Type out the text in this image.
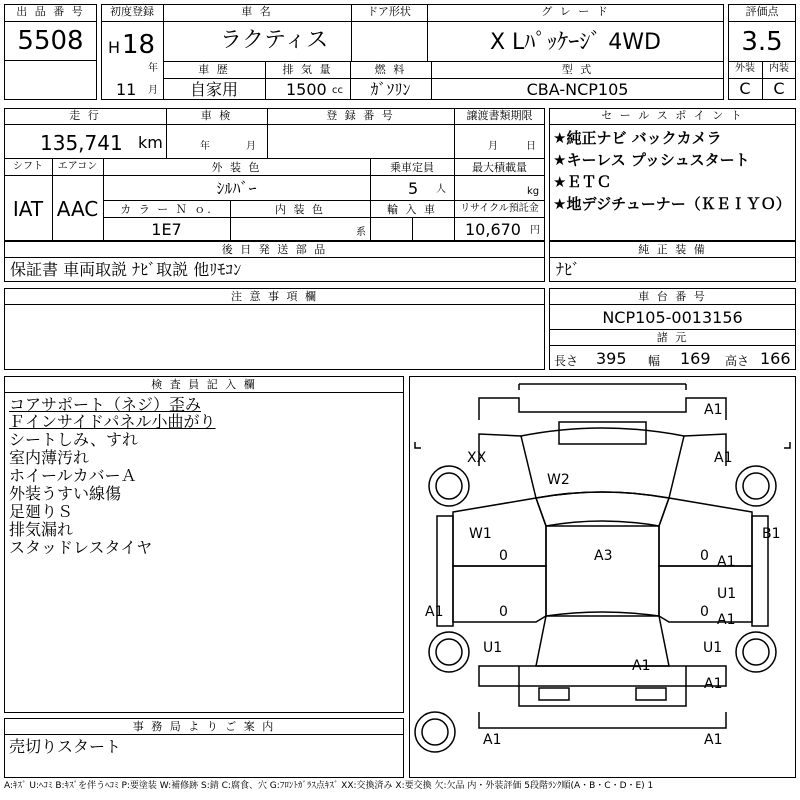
出 品 番 号
5508
初度登録
H 18
年
11 月
車 名
ラクティス
ドア形状	グ レ ー ド
X Lﾊﾟｯｹｰｼﾞ 4WD
車 歴
自家用
排 気 量
1500 cc
燃 料
ｶﾞｿﾘﾝ
型 式
CBA-NCP105
評価点
3.5
外装	内装
C	C
走 行
135,741 km
車 検
年	月
登 録 番 号	譲渡書類期限
月	日
シフト	エアコン
IAT AAC
外 装 色
ｼﾙﾊﾞｰ
乗車定員
5 人
最大積載量
kg
カ ラ ー Ｎ ｏ.
1E7
内 装 色
系
輸 入 車	リサイクル預託金
10,670 円
セ ー ル ス ポ イ ン ト
★純正ナビ バックカメラ
★キーレス プッシュスタート
★ＥＴＣ
★地デジチューナー（ＫＥＩＹＯ）
後 日 発 送 部 品
保証書 車両取説 ﾅﾋﾞ取説 他ﾘﾓｺﾝ
純 正 装 備
ﾅﾋﾞ
注 意 事 項 欄	車 台 番 号
NCP105-0013156
諸 元
長さ 395 幅 169 高さ 166
検 査 員 記 入 欄
コアサポート（ネジ）歪み
Ｆインサイドパネル小曲がり
シートしみ、すれ
室内薄汚れ
ホイールカバーＡ
外装うすい線傷
足廻りＳ
排気漏れ
スタッドレスタイヤ
事 務 局 よ り ご 案 内
売切りスタート
A1
XX	A1
W2
W1	B1
A3	A1
U1
A1
A1
U1	U1
A1
A1
A1	A1
0
0
0
0
A:ｷｽﾞ U:ﾍｺﾐ B:ｷｽﾞを伴うﾍｺﾐ P:要塗装 W:補修跡 S:錆 C:腐食、穴 G:ﾌﾛﾝﾄｶﾞﾗｽ点ｷｽﾞ XX:交換済み X:要交換 欠:欠品 内・外装評価 5段階ﾗﾝｸ順(A・B・C・D・E) 1
